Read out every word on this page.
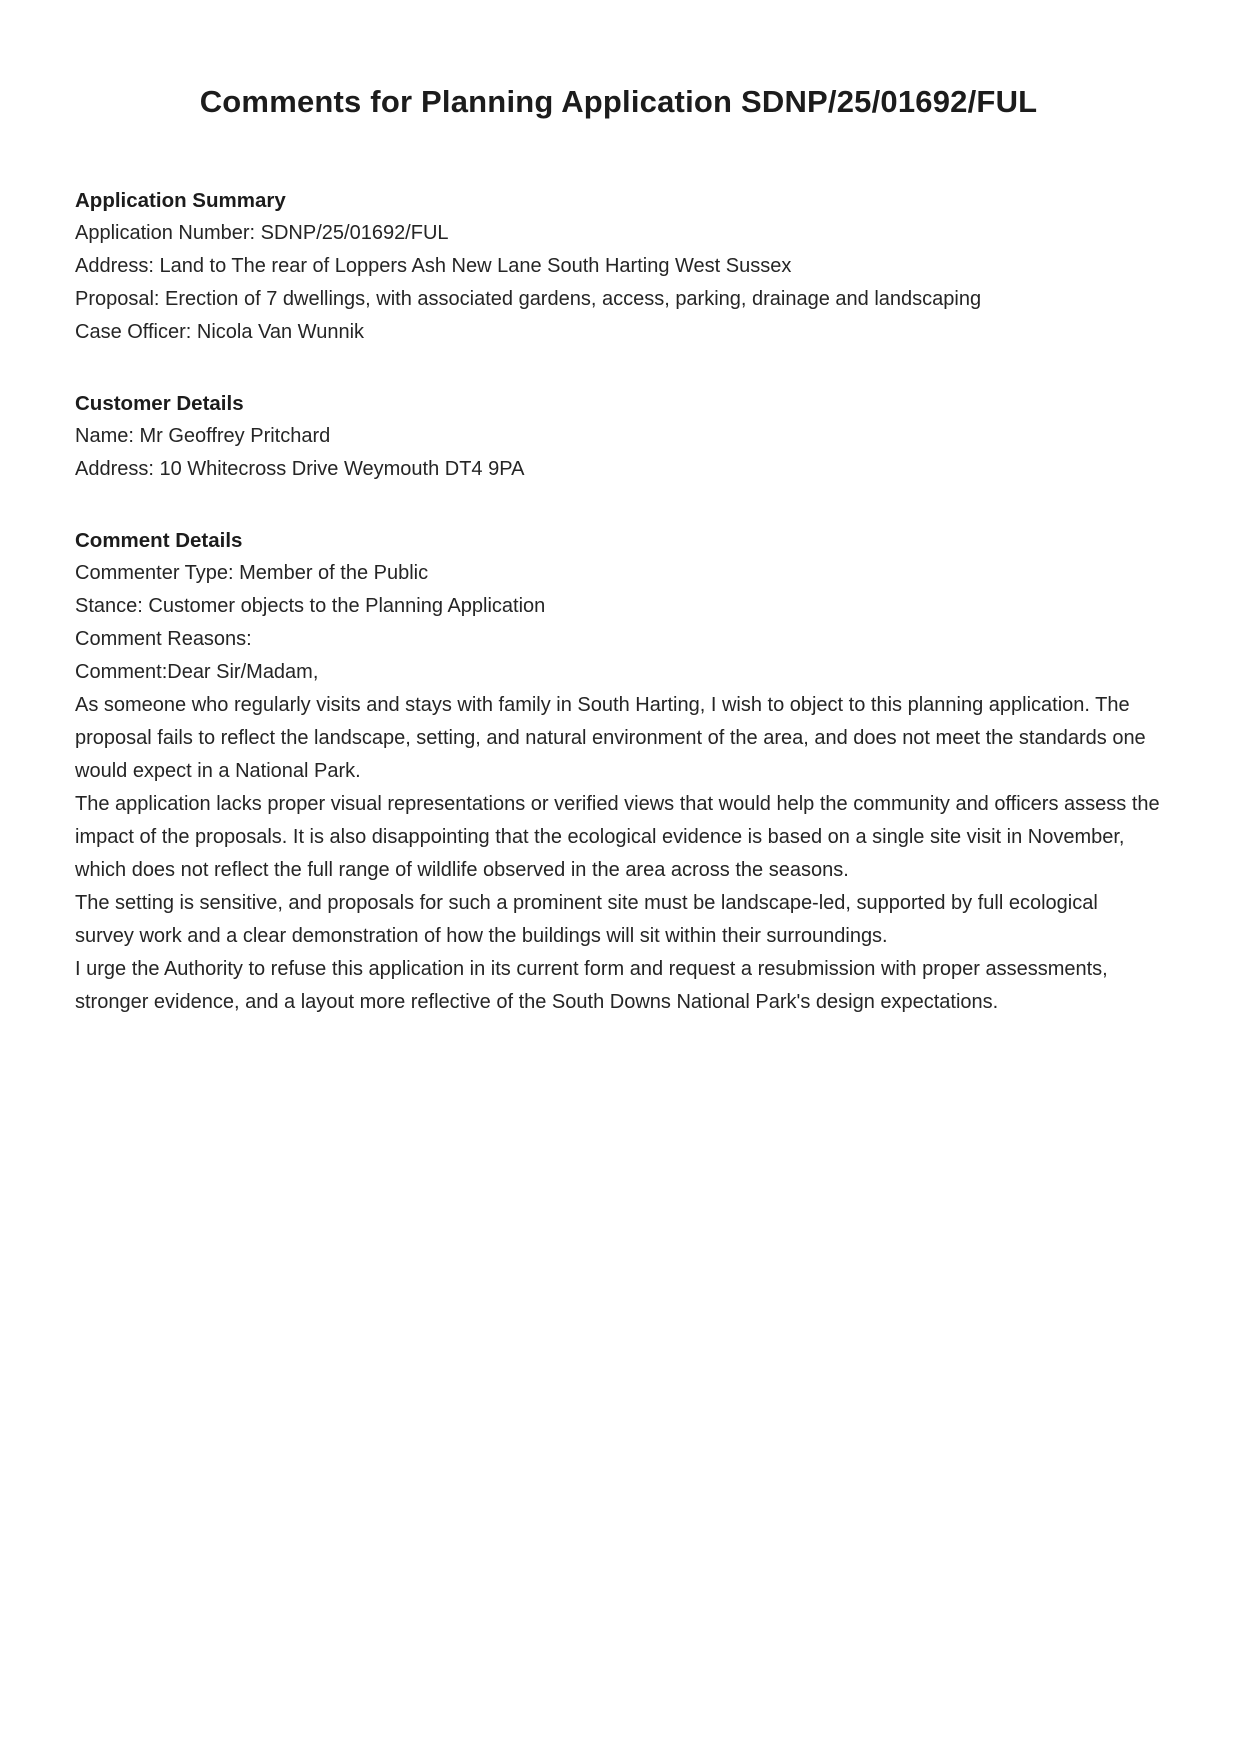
Comments for Planning Application SDNP/25/01692/FUL
Application Summary

Application Number: SDNP/25/01692/FUL

Address: Land to The rear of Loppers Ash New Lane South Harting West Sussex

Proposal: Erection of 7 dwellings, with associated gardens, access, parking, drainage and landscaping

Case Officer: Nicola Van Wunnik

Customer Details

Name: Mr Geoffrey Pritchard

Address: 10 Whitecross Drive Weymouth DT4 9PA

Comment Details

Commenter Type: Member of the Public

Stance: Customer objects to the Planning Application

Comment Reasons:

Comment:Dear Sir/Madam,

As someone who regularly visits and stays with family in South Harting, I wish to object to this planning application. The proposal fails to reflect the landscape, setting, and natural environment of the area, and does not meet the standards one would expect in a National Park.

The application lacks proper visual representations or verified views that would help the community and officers assess the impact of the proposals. It is also disappointing that the ecological evidence is based on a single site visit in November, which does not reflect the full range of wildlife observed in the area across the seasons.

The setting is sensitive, and proposals for such a prominent site must be landscape-led, supported by full ecological survey work and a clear demonstration of how the buildings will sit within their surroundings.

I urge the Authority to refuse this application in its current form and request a resubmission with proper assessments, stronger evidence, and a layout more reflective of the South Downs National Park's design expectations.
